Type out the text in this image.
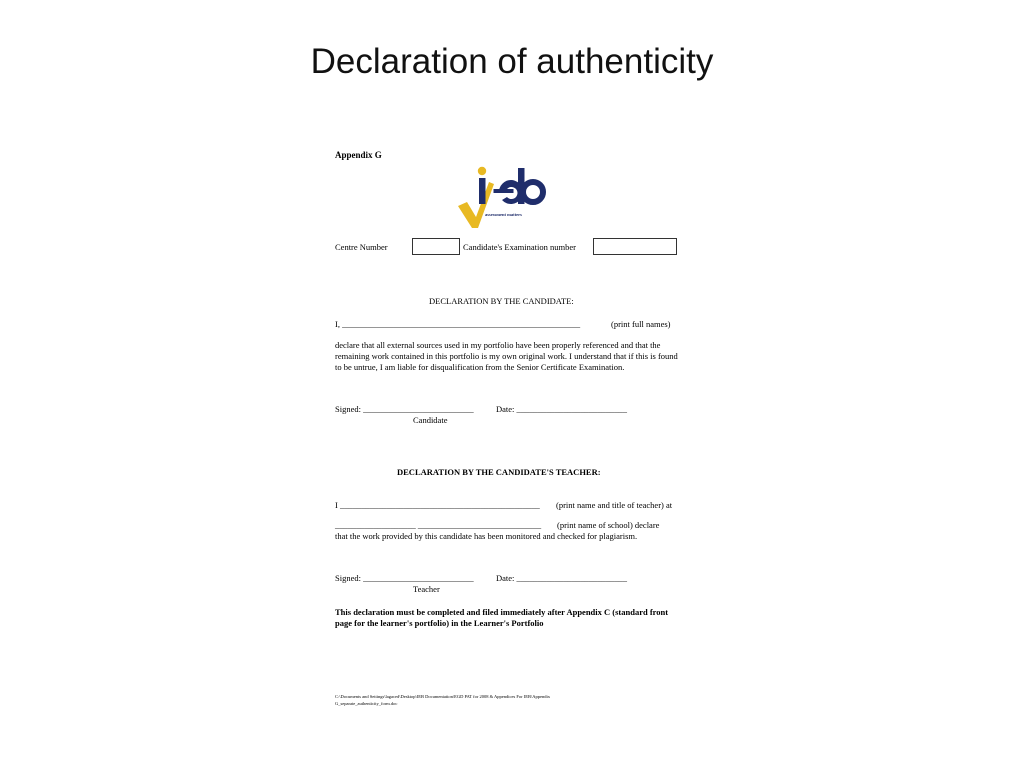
Declaration of authenticity
Appendix G
assessment matters
Centre Number	Candidate's Examination number
DECLARATION BY THE CANDIDATE:
I, ________________________________________________________	(print full names)
declare that all external sources used in my portfolio have been properly referenced and that the remaining work contained in this portfolio is my own original work. I understand that if this is found to be untrue, I am liable for disqualification from the Senior Certificate Examination.
Signed: __________________________	Date: __________________________
Candidate
DECLARATION BY THE CANDIDATE'S TEACHER:
I _______________________________________________ (print name and title of teacher) at
___________________ _____________________________ (print name of school) declare
that the work provided by this candidate has been monitored and checked for plagiarism.
Signed: __________________________	Date: __________________________
Teacher
This declaration must be completed and filed immediately after Appendix C (standard front page for the learner's portfolio) in the Learner's Portfolio
C:\Documents and Settings\lagaced\Desktop\IEB Documentation\EGD PAT for 2008 & Appendices For IEB\Appendix
G_separate_authenticity_form.doc
